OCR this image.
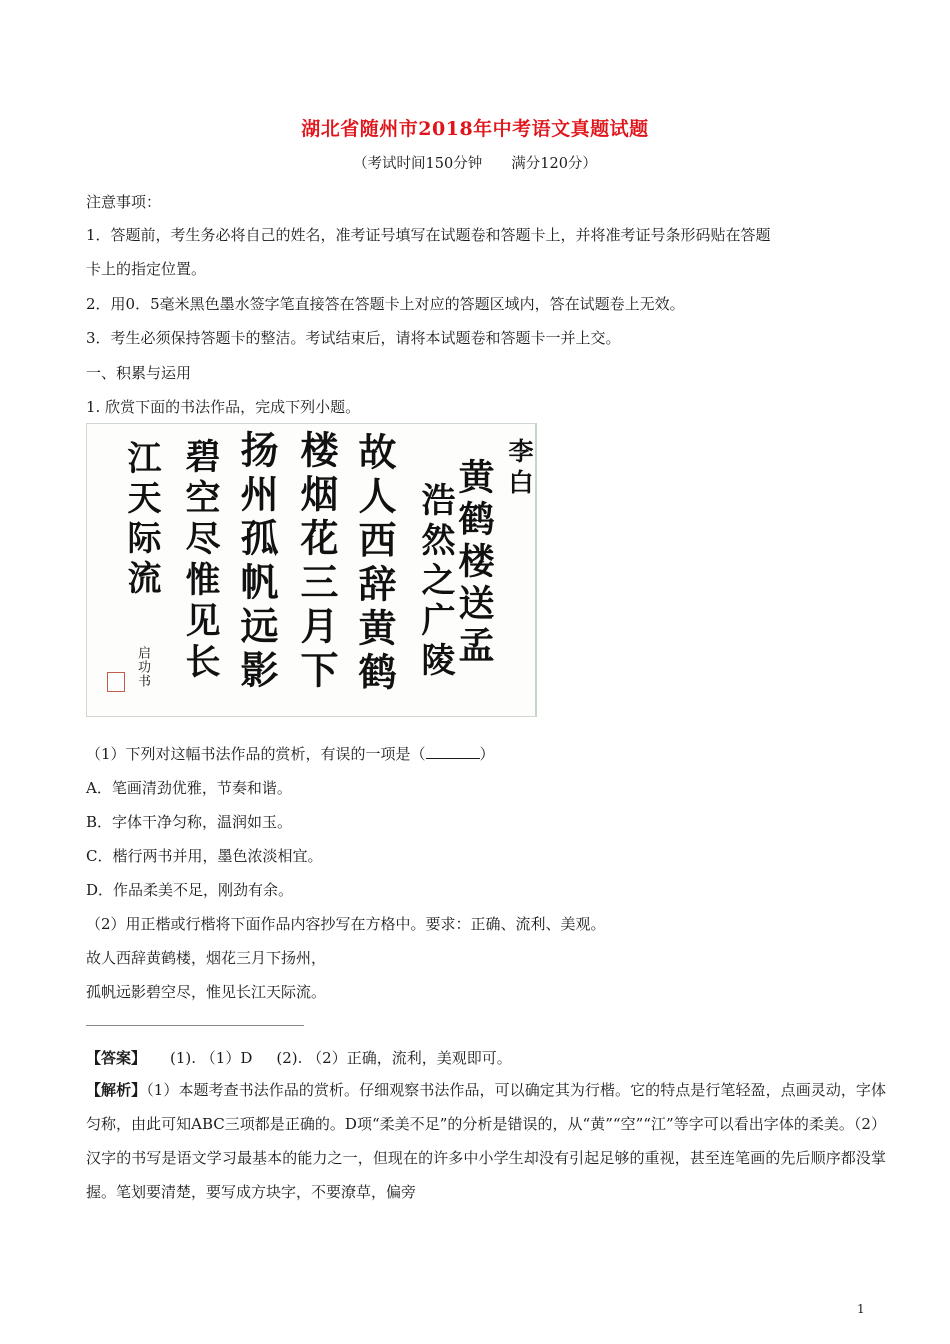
湖北省随州市2018年中考语文真题试题
（考试时间150分钟　　满分120分）
注意事项：
1．答题前，考生务必将自己的姓名，准考证号填写在试题卷和答题卡上，并将准考证号条形码贴在答题
卡上的指定位置。
2．用0．5毫米黑色墨水签字笔直接答在答题卡上对应的答题区域内，答在试题卷上无效。
3．考生必须保持答题卡的整洁。考试结束后，请将本试题卷和答题卡一并上交。
一、积累与运用
1. 欣赏下面的书法作品，完成下列小题。
李白
黄鹤楼送孟
浩然之广陵
故人西辞黄鹤
楼烟花三月下
扬州孤帆远影
碧空尽惟见长
江天际流
启功书
（1）下列对这幅书法作品的赏析，有误的一项是（	）
A．笔画清劲优雅，节奏和谐。
B．字体干净匀称，温润如玉。
C．楷行两书并用，墨色浓淡相宜。
D．作品柔美不足，刚劲有余。
（2）用正楷或行楷将下面作品内容抄写在方格中。要求：正确、流利、美观。
故人西辞黄鹤楼，烟花三月下扬州，
孤帆远影碧空尽，惟见长江天际流。
【答案】 (1). （1）D (2). （2）正确，流利，美观即可。
【解析】（1）本题考查书法作品的赏析。仔细观察书法作品，可以确定其为行楷。它的特点是行笔轻盈，点画灵动，字体匀称，由此可知ABC三项都是正确的。D项“柔美不足”的分析是错误的，从“黄”“空”“江”等字可以看出字体的柔美。（2）汉字的书写是语文学习最基本的能力之一，但现在的许多中小学生却没有引起足够的重视，甚至连笔画的先后顺序都没掌握。笔划要清楚，要写成方块字，不要潦草，偏旁
1
